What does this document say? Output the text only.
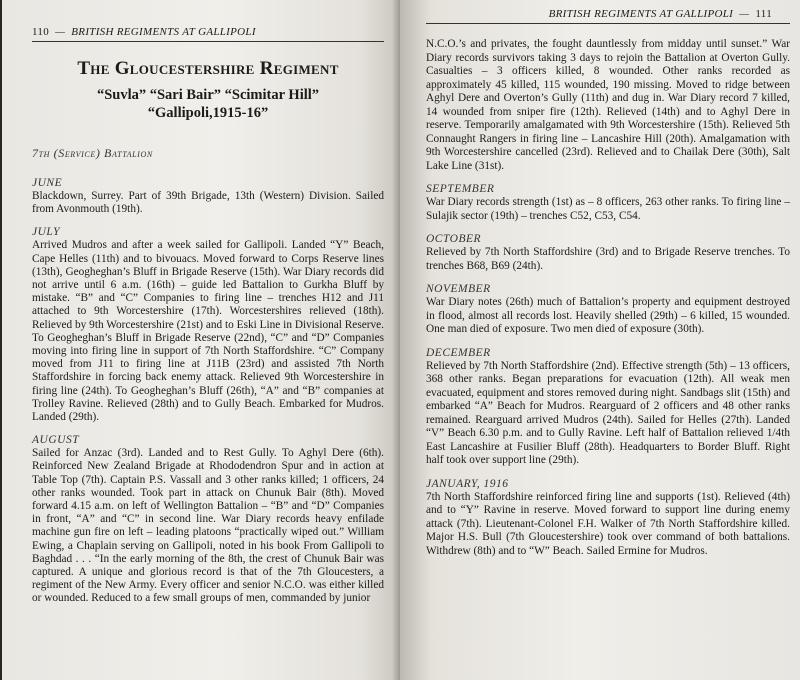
110  —  BRITISH REGIMENTS AT GALLIPOLI
The Gloucestershire Regiment
“Suvla” “Sari Bair” “Scimitar Hill”
“Gallipoli,1915-16”
7th (Service) Battalion
JUNE

Blackdown, Surrey. Part of 39th Brigade, 13th (Western) Division. Sailed from Avonmouth (19th).

JULY

Arrived Mudros and after a week sailed for Gallipoli. Landed “Y” Beach, Cape Helles (11th) and to bivouacs. Moved forward to Corps Reserve lines (13th), Geogheghan’s Bluff in Brigade Reserve (15th). War Diary records did not arrive until 6 a.m. (16th) – guide led Battalion to Gurkha Bluff by mistake. “B” and “C” Companies to firing line – trenches H12 and J11 attached to 9th Worcestershire (17th). Worcestershires relieved (18th). Relieved by 9th Worcestershire (21st) and to Eski Line in Divisional Reserve. To Geogheghan’s Bluff in Brigade Reserve (22nd), “C” and “D” Companies moving into firing line in support of 7th North Staffordshire. “C” Company moved from J11 to firing line at J11B (23rd) and assisted 7th North Staffordshire in forcing back enemy attack. Relieved 9th Worcestershire in firing line (24th). To Geogheghan’s Bluff (26th), “A” and “B” companies at Trolley Ravine. Relieved (28th) and to Gully Beach. Embarked for Mudros. Landed (29th).

AUGUST

Sailed for Anzac (3rd). Landed and to Rest Gully. To Aghyl Dere (6th). Reinforced New Zealand Brigade at Rhododendron Spur and in action at Table Top (7th). Captain P.S. Vassall and 3 other ranks killed; 1 officers, 24 other ranks wounded. Took part in attack on Chunuk Bair (8th). Moved forward 4.15 a.m. on left of Wellington Battalion – “B” and “D” Companies in front, “A” and “C” in second line. War Diary records heavy enfilade machine gun fire on left – leading platoons “practically wiped out.” William Ewing, a Chaplain serving on Gallipoli, noted in his book From Gallipoli to Baghdad . . . “In the early morning of the 8th, the crest of Chunuk Bair was captured. A unique and glorious record is that of the 7th Gloucesters, a regiment of the New Army. Every officer and senior N.C.O. was either killed or wounded. Reduced to a few small groups of men, commanded by junior

BRITISH REGIMENTS AT GALLIPOLI  —  111

N.C.O.’s and privates, the fought dauntlessly from midday until sunset.” War Diary records survivors taking 3 days to rejoin the Battalion at Overton Gully. Casualties – 3 officers killed, 8 wounded. Other ranks recorded as approximately 45 killed, 115 wounded, 190 missing. Moved to ridge between Aghyl Dere and Overton’s Gully (11th) and dug in. War Diary record 7 killed, 14 wounded from sniper fire (12th). Relieved (14th) and to Aghyl Dere in reserve. Temporarily amalgamated with 9th Worcestershire (15th). Relieved 5th Connaught Rangers in firing line – Lancashire Hill (20th). Amalgamation with 9th Worcestershire cancelled (23rd). Relieved and to Chailak Dere (30th), Salt Lake Line (31st).

SEPTEMBER

War Diary records strength (1st) as – 8 officers, 263 other ranks. To firing line – Sulajik sector (19th) – trenches C52, C53, C54.

OCTOBER

Relieved by 7th North Staffordshire (3rd) and to Brigade Reserve trenches. To trenches B68, B69 (24th).

NOVEMBER

War Diary notes (26th) much of Battalion’s property and equipment destroyed in flood, almost all records lost. Heavily shelled (29th) – 6 killed, 15 wounded. One man died of exposure. Two men died of exposure (30th).

DECEMBER

Relieved by 7th North Staffordshire (2nd). Effective strength (5th) – 13 officers, 368 other ranks. Began preparations for evacuation (12th). All weak men evacuated, equipment and stores removed during night. Sandbags slit (15th) and embarked “A” Beach for Mudros. Rearguard of 2 officers and 48 other ranks remained. Rearguard arrived Mudros (24th). Sailed for Helles (27th). Landed “V” Beach 6.30 p.m. and to Gully Ravine. Left half of Battalion relieved 1/4th East Lancashire at Fusilier Bluff (28th). Headquarters to Border Bluff. Right half took over support line (29th).

JANUARY, 1916

7th North Staffordshire reinforced firing line and supports (1st). Relieved (4th) and to “Y” Ravine in reserve. Moved forward to support line during enemy attack (7th). Lieutenant-Colonel F.H. Walker of 7th North Staffordshire killed. Major H.S. Bull (7th Gloucestershire) took over command of both battalions. Withdrew (8th) and to “W” Beach. Sailed Ermine for Mudros.
